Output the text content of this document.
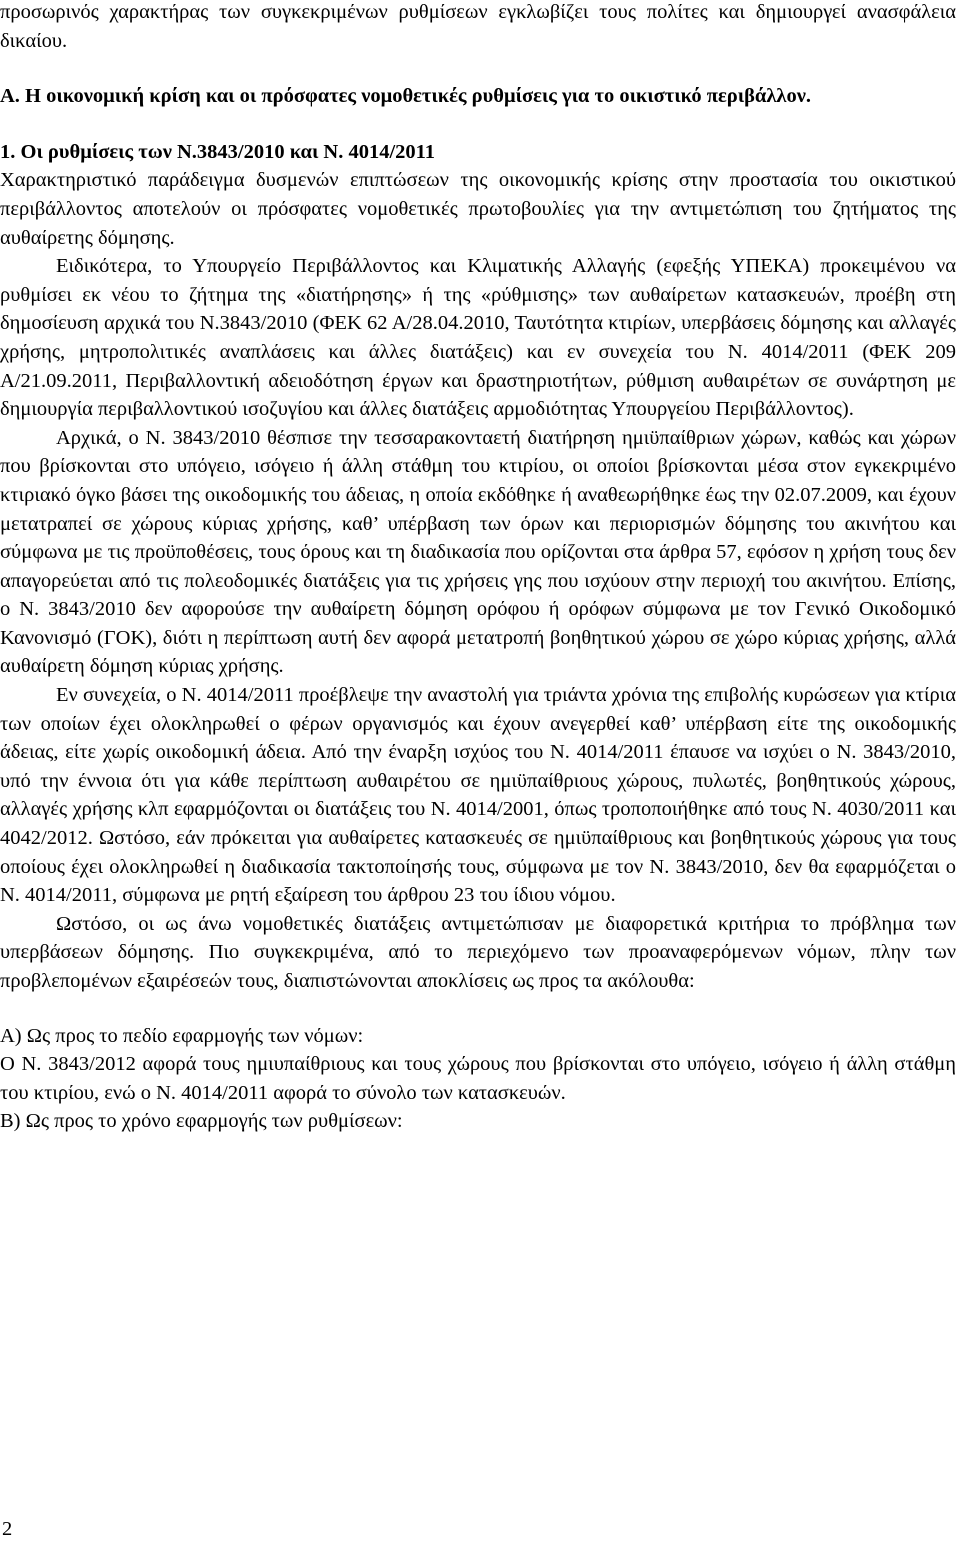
προσωρινός χαρακτήρας των συγκεκριμένων ρυθμίσεων εγκλωβίζει τους πολίτες και δημιουργεί ανασφάλεια δικαίου.

Α. Η οικονομική κρίση και οι πρόσφατες νομοθετικές ρυθμίσεις για το οικιστικό περιβάλλον.

1. Οι ρυθμίσεις των Ν.3843/2010 και Ν. 4014/2011

Χαρακτηριστικό παράδειγμα δυσμενών επιπτώσεων της οικονομικής κρίσης στην προστασία του οικιστικού περιβάλλοντος αποτελούν οι πρόσφατες νομοθετικές πρωτοβουλίες για την αντιμετώπιση του ζητήματος της αυθαίρετης δόμησης.

Ειδικότερα, το Υπουργείο Περιβάλλοντος και Κλιματικής Αλλαγής (εφεξής ΥΠΕΚΑ) προκειμένου να ρυθμίσει εκ νέου το ζήτημα της «διατήρησης» ή της «ρύθμισης» των αυθαίρετων κατασκευών, προέβη στη δημοσίευση αρχικά του Ν.3843/2010 (ΦΕΚ 62 Α/28.04.2010, Ταυτότητα κτιρίων, υπερβάσεις δόμησης και αλλαγές χρήσης, μητροπολιτικές αναπλάσεις και άλλες διατάξεις) και εν συνεχεία του Ν. 4014/2011 (ΦΕΚ 209 Α/21.09.2011, Περιβαλλοντική αδειοδότηση έργων και δραστηριοτήτων, ρύθμιση αυθαιρέτων σε συνάρτηση με δημιουργία περιβαλλοντικού ισοζυγίου και άλλες διατάξεις αρμοδιότητας Υπουργείου Περιβάλλοντος).

Αρχικά, ο Ν. 3843/2010 θέσπισε την τεσσαρακονταετή διατήρηση ημιϋπαίθριων χώρων, καθώς και χώρων που βρίσκονται στο υπόγειο, ισόγειο ή άλλη στάθμη του κτιρίου, οι οποίοι βρίσκονται μέσα στον εγκεκριμένο κτιριακό όγκο βάσει της οικοδομικής του άδειας, η οποία εκδόθηκε ή αναθεωρήθηκε έως την 02.07.2009, και έχουν μετατραπεί σε χώρους κύριας χρήσης, καθ’ υπέρβαση των όρων και περιορισμών δόμησης του ακινήτου και σύμφωνα με τις προϋποθέσεις, τους όρους και τη διαδικασία που ορίζονται στα άρθρα 57, εφόσον η χρήση τους δεν απαγορεύεται από τις πολεοδομικές διατάξεις για τις χρήσεις γης που ισχύουν στην περιοχή του ακινήτου. Επίσης, ο Ν. 3843/2010 δεν αφορούσε την αυθαίρετη δόμηση ορόφου ή ορόφων σύμφωνα με τον Γενικό Οικοδομικό Κανονισμό (ΓΟΚ), διότι η περίπτωση αυτή δεν αφορά μετατροπή βοηθητικού χώρου σε χώρο κύριας χρήσης, αλλά αυθαίρετη δόμηση κύριας χρήσης.

Εν συνεχεία, ο Ν. 4014/2011 προέβλεψε την αναστολή για τριάντα χρόνια της επιβολής κυρώσεων για κτίρια των οποίων έχει ολοκληρωθεί ο φέρων οργανισμός και έχουν ανεγερθεί καθ’ υπέρβαση είτε της οικοδομικής άδειας, είτε χωρίς οικοδομική άδεια. Από την έναρξη ισχύος του Ν. 4014/2011 έπαυσε να ισχύει ο Ν. 3843/2010, υπό την έννοια ότι για κάθε περίπτωση αυθαιρέτου σε ημιϋπαίθριους χώρους, πυλωτές, βοηθητικούς χώρους, αλλαγές χρήσης κλπ εφαρμόζονται οι διατάξεις του Ν. 4014/2001, όπως τροποποιήθηκε από τους Ν. 4030/2011 και 4042/2012. Ωστόσο, εάν πρόκειται για αυθαίρετες κατασκευές σε ημιϋπαίθριους και βοηθητικούς χώρους για τους οποίους έχει ολοκληρωθεί η διαδικασία τακτοποίησής τους, σύμφωνα με τον Ν. 3843/2010, δεν θα εφαρμόζεται ο Ν. 4014/2011, σύμφωνα με ρητή εξαίρεση του άρθρου 23 του ίδιου νόμου.

Ωστόσο, οι ως άνω νομοθετικές διατάξεις αντιμετώπισαν με διαφορετικά κριτήρια το πρόβλημα των υπερβάσεων δόμησης. Πιο συγκεκριμένα, από το περιεχόμενο των προαναφερόμενων νόμων, πλην των προβλεπομένων εξαιρέσεών τους, διαπιστώνονται αποκλίσεις ως προς τα ακόλουθα:

Α) Ως προς το πεδίο εφαρμογής των νόμων:

Ο Ν. 3843/2012 αφορά τους ημιυπαίθριους και τους χώρους που βρίσκονται στο υπόγειο, ισόγειο ή άλλη στάθμη του κτιρίου, ενώ ο Ν. 4014/2011 αφορά το σύνολο των κατασκευών.

Β) Ως προς το χρόνο εφαρμογής των ρυθμίσεων:

2
